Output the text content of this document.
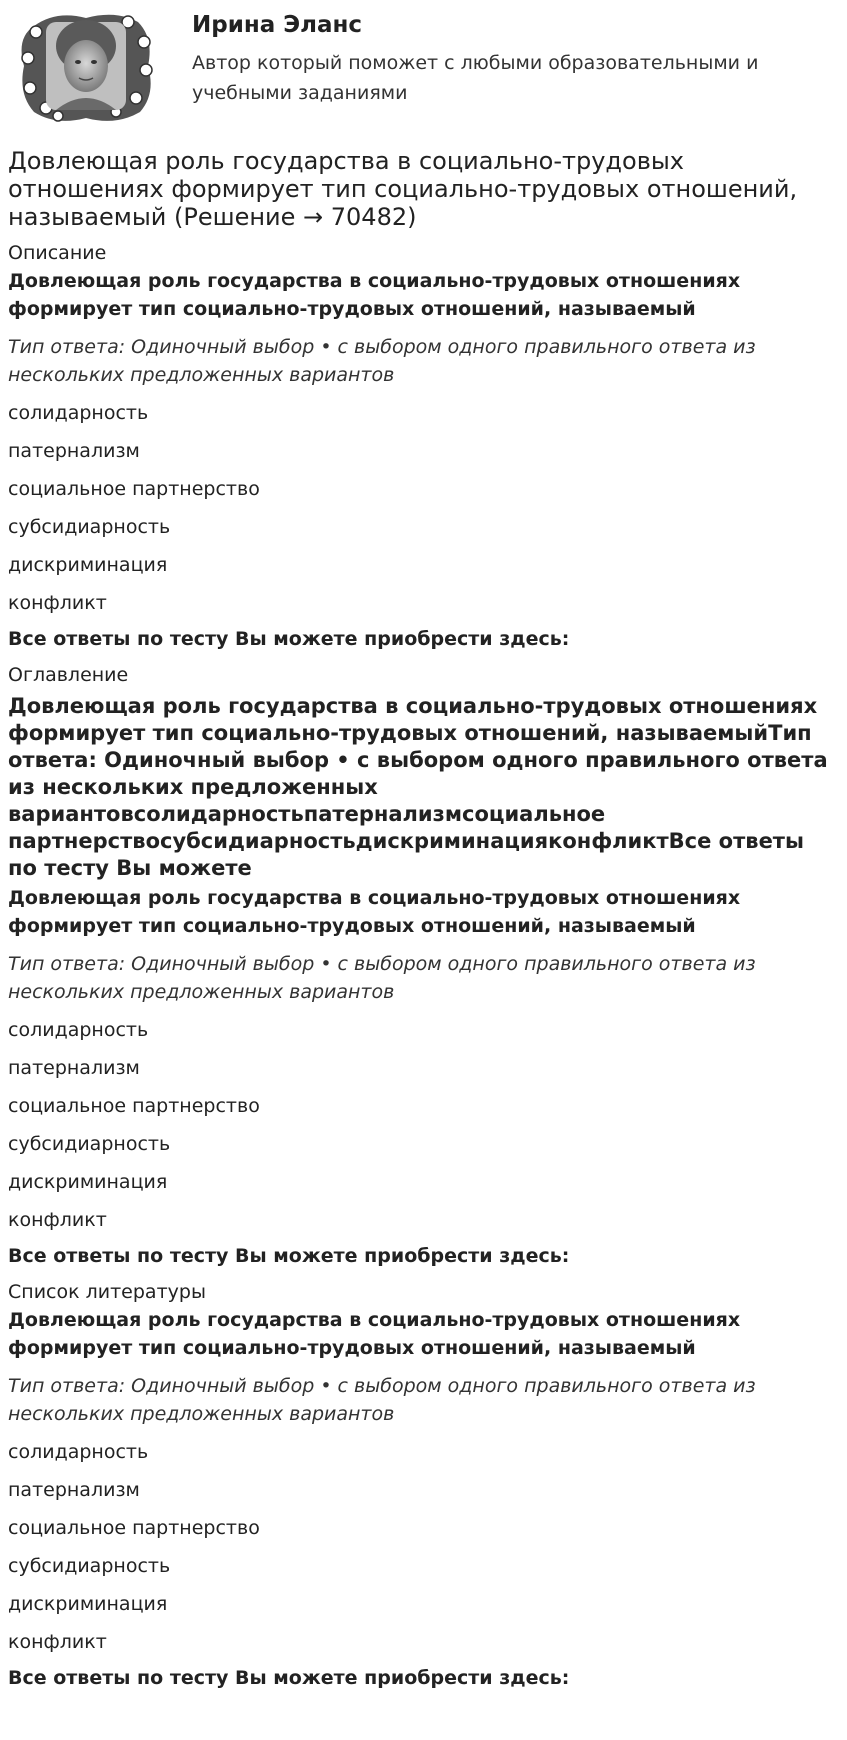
Ирина Эланс

Автор который поможет с любыми образовательными и учебными заданиями

Довлеющая роль государства в социально-трудовых отношениях формирует тип социально-трудовых отношений, называемый (Решение → 70482)
Описание

Довлеющая роль государства в социально-трудовых отношениях формирует тип социально-трудовых отношений, называемый

Тип ответа: Одиночный выбор • с выбором одного правильного ответа из нескольких предложенных вариантов

солидарность
патернализм
социальное партнерство
субсидиарность
дискриминация
конфликт

Все ответы по тесту Вы можете приобрести здесь:

Оглавление
Довлеющая роль государства в социально-трудовых отношениях формирует тип социально-трудовых отношений, называемыйТип ответа: Одиночный выбор • с выбором одного правильного ответа из нескольких предложенных вариантовсолидарностьпатернализмсоциальное партнерствосубсидиарностьдискриминацияконфликтВсе ответы по тесту Вы можете

Довлеющая роль государства в социально-трудовых отношениях формирует тип социально-трудовых отношений, называемый

Тип ответа: Одиночный выбор • с выбором одного правильного ответа из нескольких предложенных вариантов

солидарность
патернализм
социальное партнерство
субсидиарность
дискриминация
конфликт

Все ответы по тесту Вы можете приобрести здесь:

Список литературы

Довлеющая роль государства в социально-трудовых отношениях формирует тип социально-трудовых отношений, называемый

Тип ответа: Одиночный выбор • с выбором одного правильного ответа из нескольких предложенных вариантов

солидарность
патернализм
социальное партнерство
субсидиарность
дискриминация
конфликт

Все ответы по тесту Вы можете приобрести здесь:
